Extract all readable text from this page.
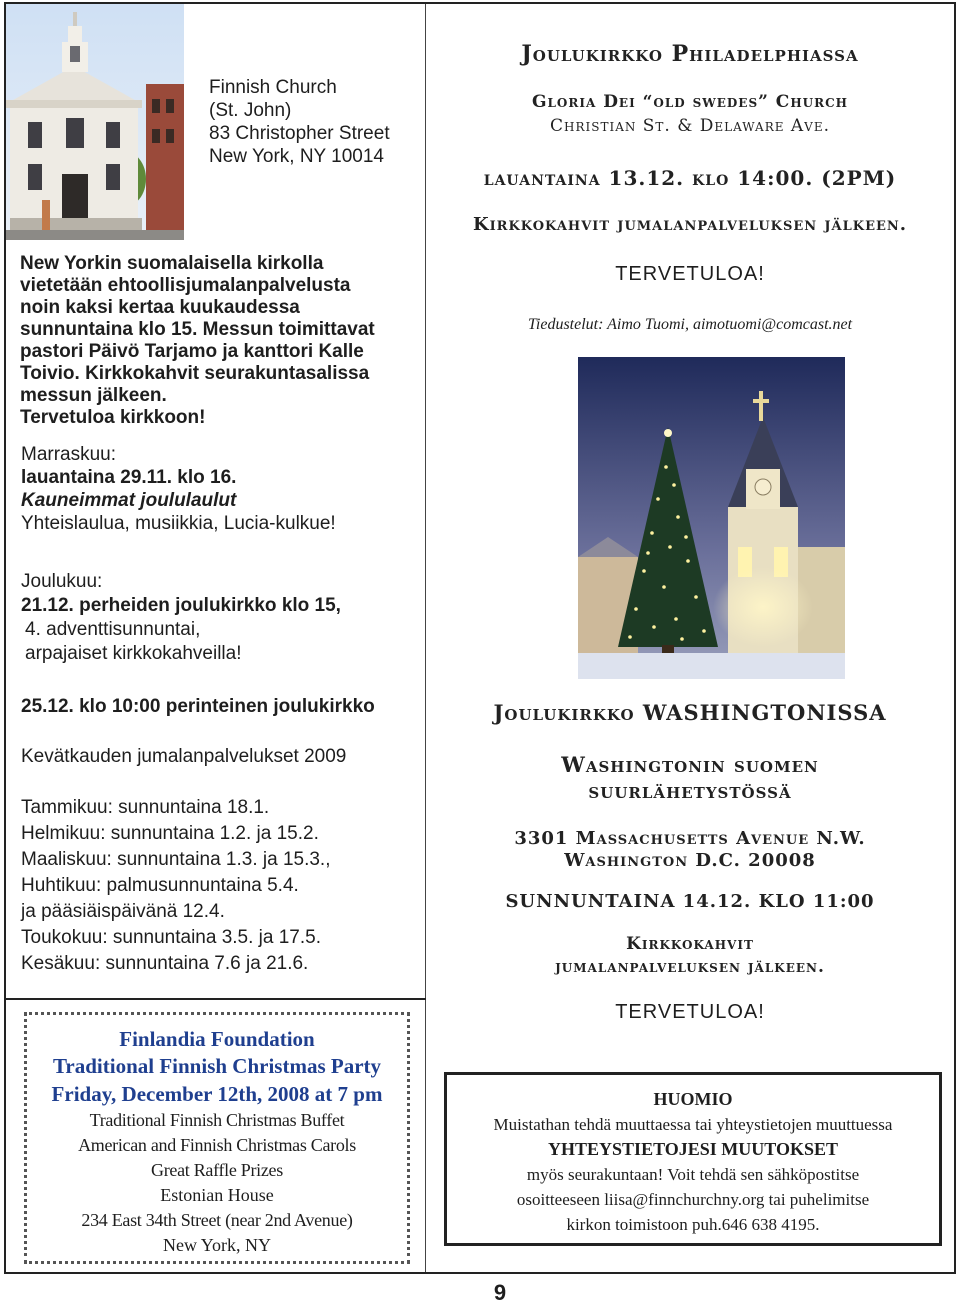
Finnish Church
(St. John)
83 Christopher Street
New York, NY 10014
New Yorkin suomalaisella kirkolla
vietetään ehtoollisjumalanpalvelusta
noin kaksi kertaa kuukaudessa
sunnuntaina klo 15. Messun toimittavat
pastori Päivö Tarjamo ja kanttori Kalle
Toivio. Kirkkokahvit seurakuntasalissa
messun jälkeen.
Tervetuloa kirkkoon!
Marraskuu:
lauantaina 29.11. klo 16.
Kauneimmat joululaulut
Yhteislaulua, musiikkia, Lucia-kulkue!
Joulukuu:
21.12. perheiden joulukirkko klo 15,
4. adventtisunnuntai,
arpajaiset kirkkokahveilla!
25.12. klo 10:00 perinteinen joulukirkko
Kevätkauden jumalanpalvelukset 2009
Tammikuu: sunnuntaina 18.1.
Helmikuu: sunnuntaina 1.2. ja 15.2.
Maaliskuu: sunnuntaina 1.3. ja 15.3.,
Huhtikuu: palmusunnuntaina 5.4.
ja pääsiäispäivänä 12.4.
Toukokuu: sunnuntaina 3.5. ja 17.5.
Kesäkuu: sunnuntaina 7.6 ja 21.6.
Finlandia Foundation
Traditional Finnish Christmas Party
Friday, December 12th, 2008 at 7 pm
Traditional Finnish Christmas Buffet
American and Finnish Christmas Carols
Great Raffle Prizes
Estonian House
234 East 34th Street (near 2nd Avenue)
New York, NY
Joulukirkko Philadelphiassa
Gloria Dei “old swedes” Church
Christian St. & Delaware Ave.
lauantaina 13.12. klo 14:00. (2PM)
Kirkkokahvit jumalanpalveluksen jälkeen.
TERVETULOA!
Tiedustelut: Aimo Tuomi, aimotuomi@comcast.net
Joulukirkko WASHINGTONISSA
Washingtonin suomen
suurlähetystössä
3301 Massachusetts Avenue N.W.
Washington D.C. 20008
SUNNUNTAINA 14.12. KLO 11:00
Kirkkokahvit
jumalanpalveluksen jälkeen.
TERVETULOA!
HUOMIO
Muistathan tehdä muuttaessa tai yhteystietojen muuttuessa
YHTEYSTIETOJESI MUUTOKSET
myös seurakuntaan! Voit tehdä sen sähköpostitse
osoitteeseen liisa@finnchurchny.org tai puhelimitse
kirkon toimistoon puh.646 638 4195.
9
